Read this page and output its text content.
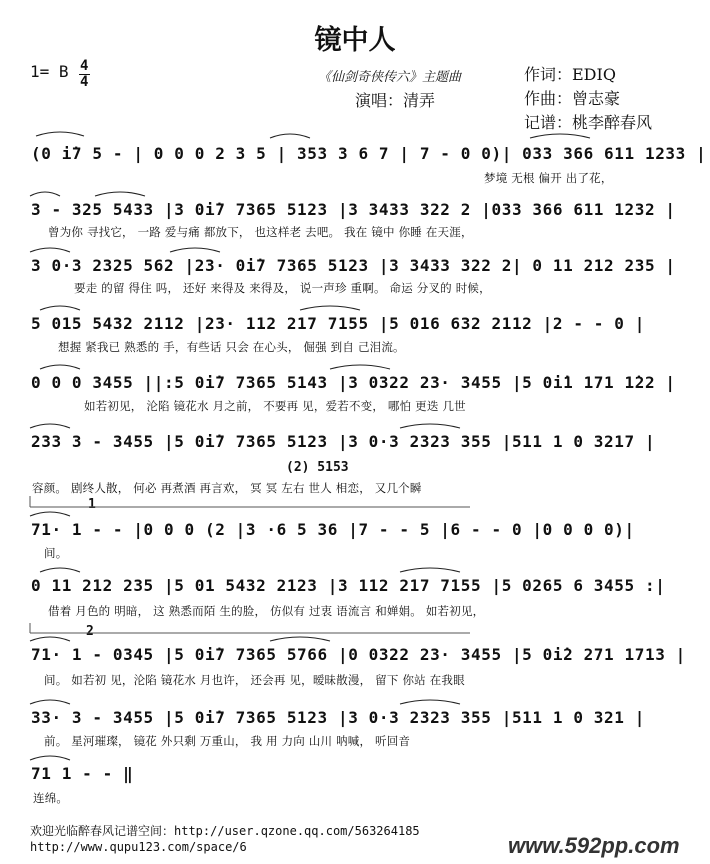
镜中人
1= B 4
4	《仙剑奇侠传六》主题曲
演唱：清弄
作词：EDIQ
作曲：曾志豪
记谱：桃李醉春风
(0 i̇7 5 - | 0 0 0 2 3 5 | 353 3 6 7 | 7 - 0 0)| 033 366 611 1233 |
梦境 无根 偏开 出了花，
3 - 325 5433 |3 0i̇7 7365 5123 |3 3433 322 2 |033 366 611 1232 |
曾为你 寻找它， 一路 爱与痛 都放下， 也这样老 去吧。 我在 镜中 你睡 在天涯，
3 0·3 2325 562 |23· 0i̇7 7365 5123 |3 3433 322 2| 0 11 212 235 |
要走 的留 得住 吗， 还好 来得及 来得及， 说一声珍 重啊。 命运 分叉的 时候，
5 015 5432 2112 |23· 112 217 7155 |5 016 632 2112 |2 - - 0 |
想握 紧我已 熟悉的 手，有些话 只会 在心头， 倔强 到自 己泪流。
0 0 0 3455 ||:5 0i̇7 7365 5143 |3 0322 23· 3455 |5 0i̇1 171 1̇22 |
如若初见， 沦陷 镜花水 月之前， 不要再 见，爱若不变， 哪怕 更迭 几世
233 3 - 3455 |5 0i̇7 7365 5123 |3 0·3 2323 355 |511 1 0 3217 |
(2) 5153
容颜。 剧终人散， 何必 再煮酒 再言欢， 冥 冥 左右 世人 相恋， 又几个瞬
1
71· 1 - - |0 0 0 (2 |3 ·6 5 36 |7 - - 5 |6 - - 0 |0 0 0 0)|
间。
0 11 212 235 |5 01 5432 2123 |3 112 217 7155 |5 0265 6 3455 :|
借着 月色的 明暗， 这 熟悉而陌 生的脸， 仿似有 过衷 语流言 和婵娟。 如若初见，
2
71· 1 - 0345 |5 0i̇7 7365 5766 |0 0322 23· 3455 |5 0i̇2 271 1713 |
间。 如若初 见，沦陷 镜花水 月也许， 还会再 见，暧昧散漫， 留下 你站 在我眼
33· 3 - 3455 |5 0i̇7 7365 5123 |3 0·3 2323 355 |511 1 0 321 |
前。 星河璀璨， 镜花 外只剩 万重山， 我 用 力向 山川 呐喊， 听回音
71 1 - - ‖
连绵。
欢迎光临醉春风记谱空间：http://user.qzone.qq.com/563264185
http://www.qupu123.com/space/6	www.592pp.com
